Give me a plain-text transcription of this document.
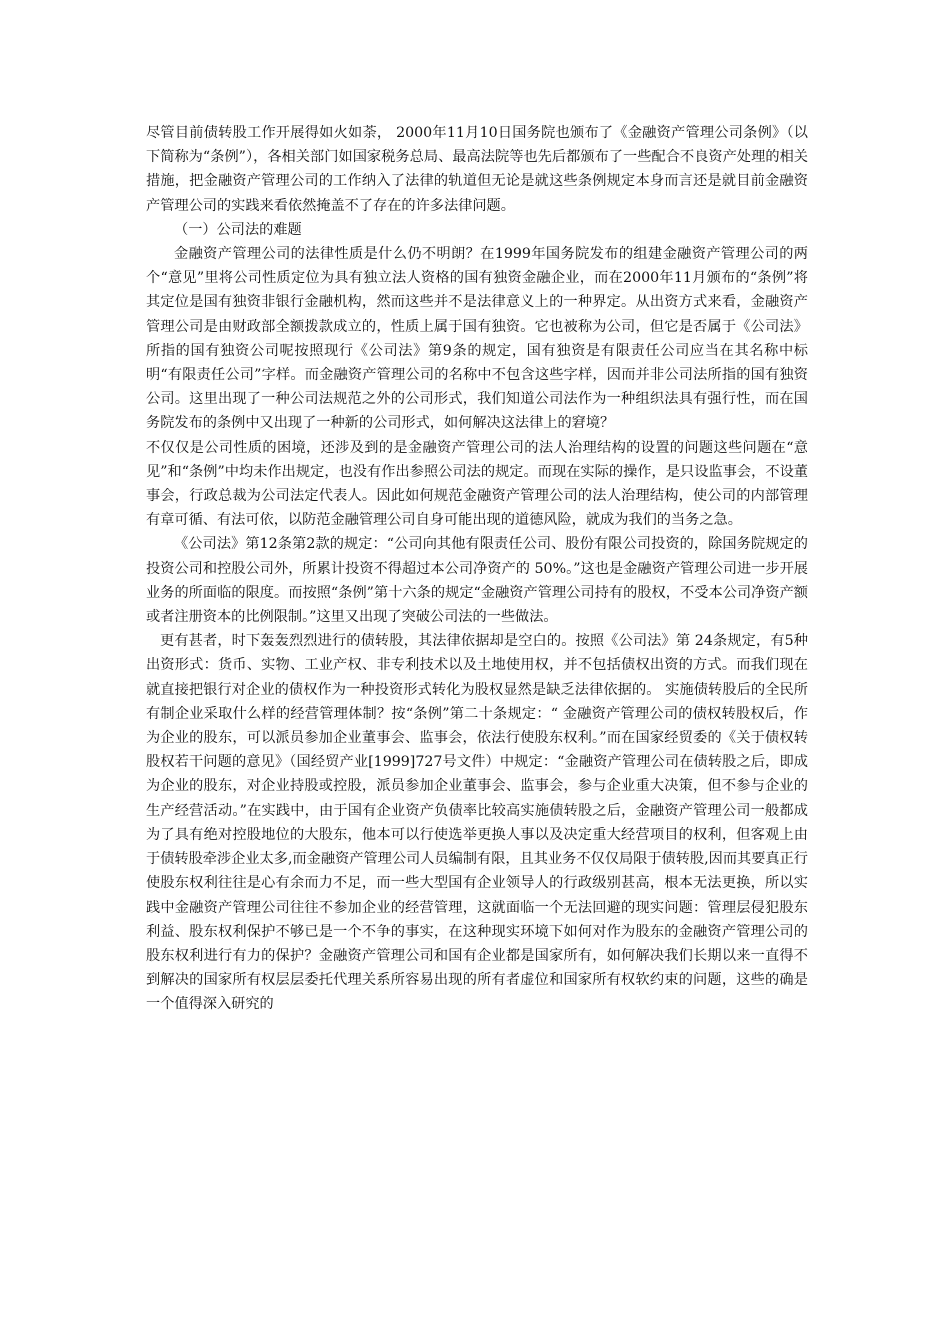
尽管目前债转股工作开展得如火如荼， 2000年11月10日国务院也颁布了《金融资产管理公司条例》（以下简称为“条例”），各相关部门如国家税务总局、最高法院等也先后都颁布了一些配合不良资产处理的相关措施，把金融资产管理公司的工作纳入了法律的轨道但无论是就这些条例规定本身而言还是就目前金融资产管理公司的实践来看依然掩盖不了存在的许多法律问题。

（一）公司法的难题

金融资产管理公司的法律性质是什么仍不明朗？在1999年国务院发布的组建金融资产管理公司的两个“意见”里将公司性质定位为具有独立法人资格的国有独资金融企业，而在2000年11月颁布的“条例”将其定位是国有独资非银行金融机构，然而这些并不是法律意义上的一种界定。从出资方式来看，金融资产管理公司是由财政部全额拨款成立的，性质上属于国有独资。它也被称为公司，但它是否属于《公司法》所指的国有独资公司呢按照现行《公司法》第9条的规定，国有独资是有限责任公司应当在其名称中标明“有限责任公司”字样。而金融资产管理公司的名称中不包含这些字样，因而并非公司法所指的国有独资公司。这里出现了一种公司法规范之外的公司形式，我们知道公司法作为一种组织法具有强行性，而在国务院发布的条例中又出现了一种新的公司形式，如何解决这法律上的窘境？

不仅仅是公司性质的困境，还涉及到的是金融资产管理公司的法人治理结构的设置的问题这些问题在“意见”和“条例”中均未作出规定，也没有作出参照公司法的规定。而现在实际的操作，是只设监事会，不设董事会，行政总裁为公司法定代表人。因此如何规范金融资产管理公司的法人治理结构，使公司的内部管理有章可循、有法可依，以防范金融管理公司自身可能出现的道德风险，就成为我们的当务之急。

《公司法》第12条第2款的规定：“公司向其他有限责任公司、股份有限公司投资的，除国务院规定的投资公司和控股公司外，所累计投资不得超过本公司净资产的 50%。”这也是金融资产管理公司进一步开展业务的所面临的限度。而按照“条例”第十六条的规定“金融资产管理公司持有的股权，不受本公司净资产额或者注册资本的比例限制。”这里又出现了突破公司法的一些做法。

更有甚者，时下轰轰烈烈进行的债转股，其法律依据却是空白的。按照《公司法》第 24条规定，有5种出资形式：货币、实物、工业产权、非专利技术以及土地使用权，并不包括债权出资的方式。而我们现在就直接把银行对企业的债权作为一种投资形式转化为股权显然是缺乏法律依据的。 实施债转股后的全民所有制企业采取什么样的经营管理体制？按“条例”第二十条规定：“ 金融资产管理公司的债权转股权后，作为企业的股东，可以派员参加企业董事会、监事会，依法行使股东权利。”而在国家经贸委的《关于债权转股权若干问题的意见》（国经贸产业[1999]727号文件）中规定：“金融资产管理公司在债转股之后，即成为企业的股东，对企业持股或控股，派员参加企业董事会、监事会，参与企业重大决策，但不参与企业的生产经营活动。”在实践中，由于国有企业资产负债率比较高实施债转股之后，金融资产管理公司一般都成为了具有绝对控股地位的大股东，他本可以行使选举更换人事以及决定重大经营项目的权利，但客观上由于债转股牵涉企业太多,而金融资产管理公司人员编制有限，且其业务不仅仅局限于债转股,因而其要真正行使股东权利往往是心有余而力不足，而一些大型国有企业领导人的行政级别甚高，根本无法更换，所以实践中金融资产管理公司往往不参加企业的经营管理，这就面临一个无法回避的现实问题：管理层侵犯股东利益、股东权利保护不够已是一个不争的事实，在这种现实环境下如何对作为股东的金融资产管理公司的股东权利进行有力的保护？金融资产管理公司和国有企业都是国家所有，如何解决我们长期以来一直得不到解决的国家所有权层层委托代理关系所容易出现的所有者虚位和国家所有权软约束的问题，这些的确是一个值得深入研究的
